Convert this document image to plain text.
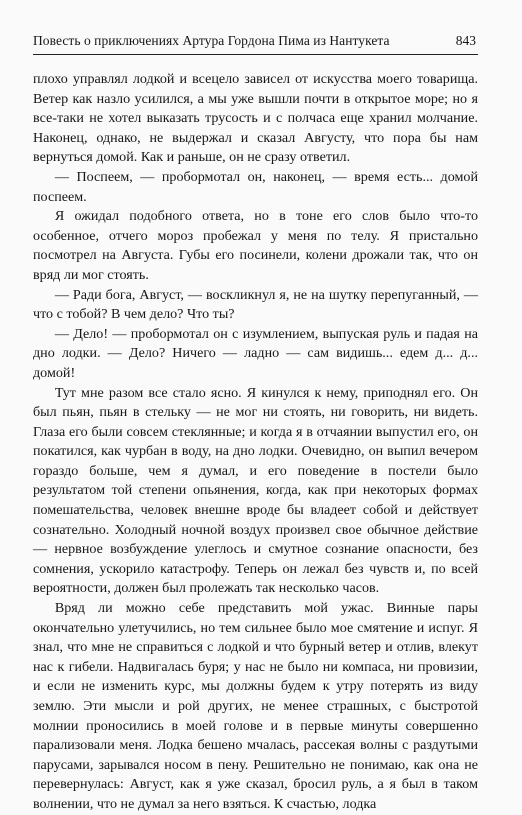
Повесть о приключениях Артура Гордона Пима из Нантукета	843

плохо управлял лодкой и всецело зависел от искусства моего товарища. Ветер как назло усилился, а мы уже вышли почти в открытое море; но я все-таки не хотел выказать трусость и с полчаса еще хранил молчание. Наконец, однако, не выдержал и сказал Августу, что пора бы нам вернуться домой. Как и раньше, он не сразу ответил.

— Поспеем, — пробормотал он, наконец, — время есть... домой поспеем.

Я ожидал подобного ответа, но в тоне его слов было что-то особенное, отчего мороз пробежал у меня по телу. Я пристально посмотрел на Августа. Губы его посинели, колени дрожали так, что он вряд ли мог стоять.

— Ради бога, Август, — воскликнул я, не на шутку перепуганный, — что с тобой? В чем дело? Что ты?

— Дело! — пробормотал он с изумлением, выпуская руль и падая на дно лодки. — Дело? Ничего — ладно — сам видишь... едем д... д... домой!

Тут мне разом все стало ясно. Я кинулся к нему, приподнял его. Он был пьян, пьян в стельку — не мог ни стоять, ни говорить, ни видеть. Глаза его были совсем стеклянные; и когда я в отчаянии выпустил его, он покатился, как чурбан в воду, на дно лодки. Очевидно, он выпил вечером гораздо больше, чем я думал, и его поведение в постели было результатом той степени опьянения, когда, как при некоторых формах помешательства, человек внешне вроде бы владеет собой и действует сознательно. Холодный ночной воздух произвел свое обычное действие — нервное возбуждение улеглось и смутное сознание опасности, без сомнения, ускорило катастрофу. Теперь он лежал без чувств и, по всей вероятности, должен был пролежать так несколько часов.

Вряд ли можно себе представить мой ужас. Винные пары окончательно улетучились, но тем сильнее было мое смятение и испуг. Я знал, что мне не справиться с лодкой и что бурный ветер и отлив, влекут нас к гибели. Надвигалась буря; у нас не было ни компаса, ни провизии, и если не изменить курс, мы должны будем к утру потерять из виду землю. Эти мысли и рой других, не менее страшных, с быстротой молнии проносились в моей голове и в первые минуты совершенно парализовали меня. Лодка бешено мчалась, рассекая волны с раздутыми парусами, зарывался носом в пену. Решительно не понимаю, как она не перевернулась: Август, как я уже сказал, бросил руль, а я был в таком волнении, что не думал за него взяться. К счастью, лодка
